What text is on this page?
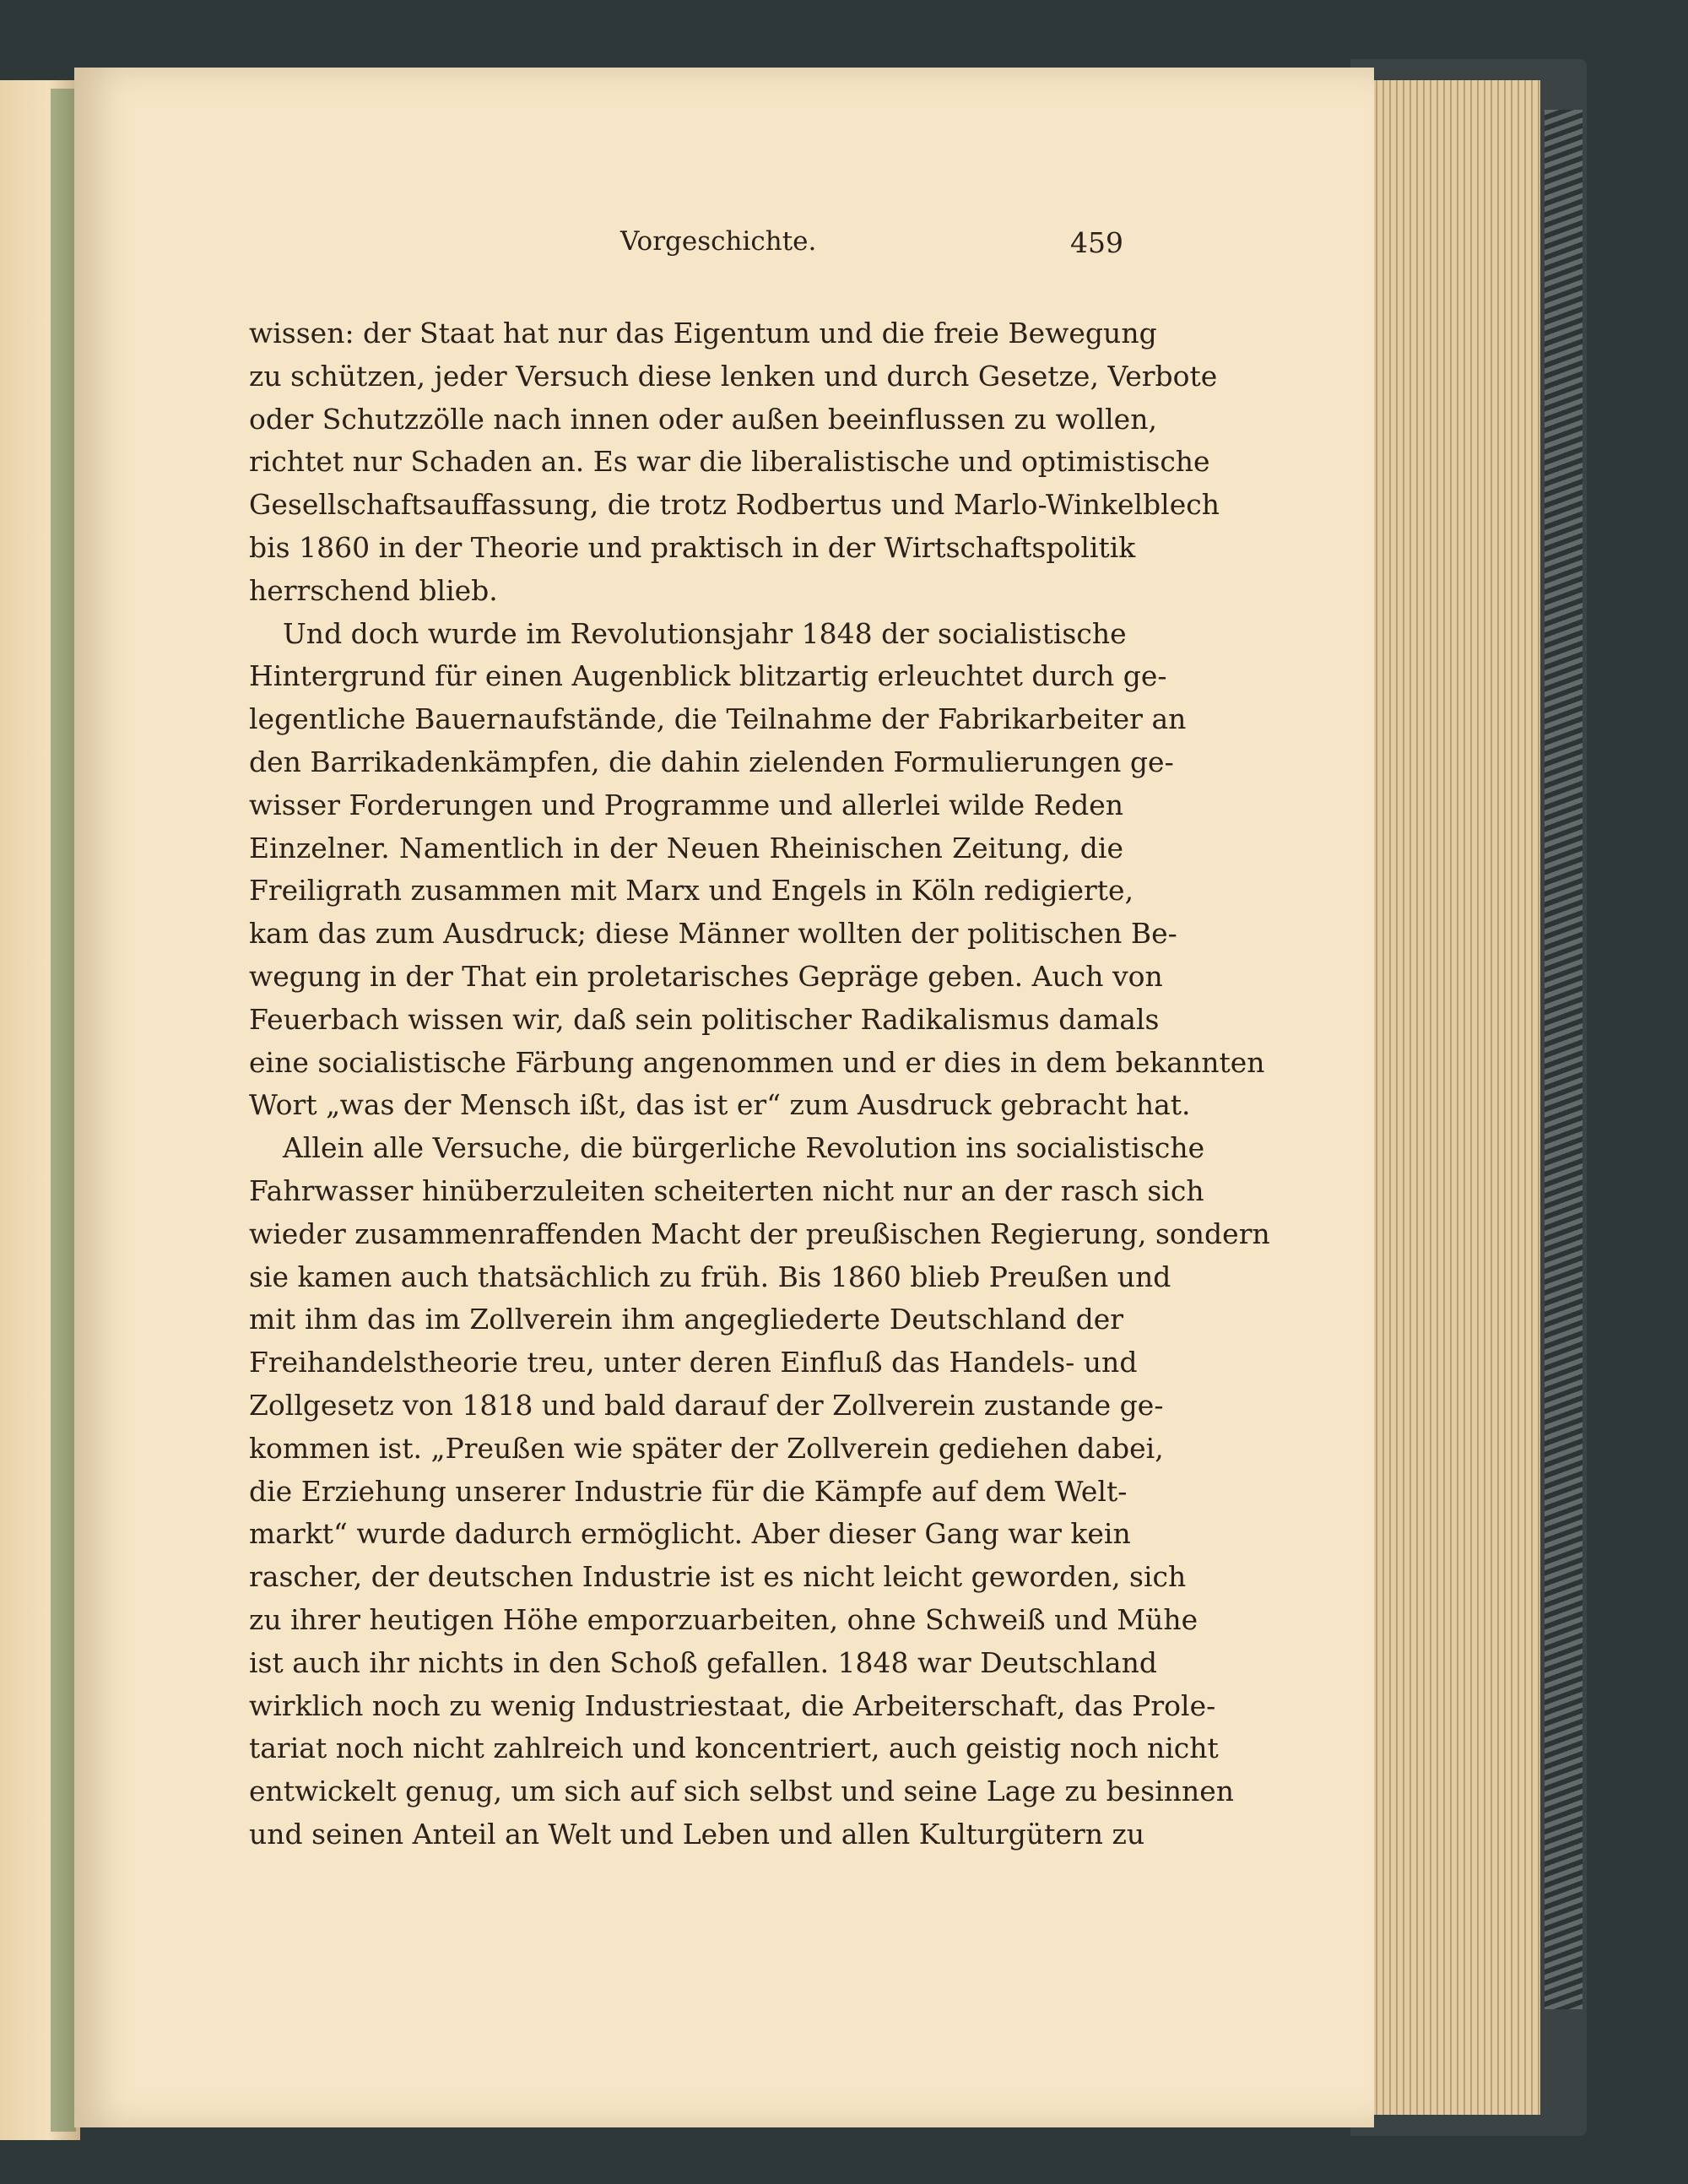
Vorgeschichte.	459
wissen: der Staat hat nur das Eigentum und die freie Bewegung
zu schützen, jeder Versuch diese lenken und durch Gesetze, Verbote
oder Schutzzölle nach innen oder außen beeinflussen zu wollen,
richtet nur Schaden an. Es war die liberalistische und optimistische
Gesellschaftsauffassung, die trotz Rodbertus und Marlo-Winkelblech
bis 1860 in der Theorie und praktisch in der Wirtschaftspolitik
herrschend blieb.
Und doch wurde im Revolutionsjahr 1848 der socialistische
Hintergrund für einen Augenblick blitzartig erleuchtet durch ge-
legentliche Bauernaufstände, die Teilnahme der Fabrikarbeiter an
den Barrikadenkämpfen, die dahin zielenden Formulierungen ge-
wisser Forderungen und Programme und allerlei wilde Reden
Einzelner. Namentlich in der Neuen Rheinischen Zeitung, die
Freiligrath zusammen mit Marx und Engels in Köln redigierte,
kam das zum Ausdruck; diese Männer wollten der politischen Be-
wegung in der That ein proletarisches Gepräge geben. Auch von
Feuerbach wissen wir, daß sein politischer Radikalismus damals
eine socialistische Färbung angenommen und er dies in dem bekannten
Wort „was der Mensch ißt, das ist er“ zum Ausdruck gebracht hat.
Allein alle Versuche, die bürgerliche Revolution ins socialistische
Fahrwasser hinüberzuleiten scheiterten nicht nur an der rasch sich
wieder zusammenraffenden Macht der preußischen Regierung, sondern
sie kamen auch thatsächlich zu früh. Bis 1860 blieb Preußen und
mit ihm das im Zollverein ihm angegliederte Deutschland der
Freihandelstheorie treu, unter deren Einfluß das Handels- und
Zollgesetz von 1818 und bald darauf der Zollverein zustande ge-
kommen ist. „Preußen wie später der Zollverein gediehen dabei,
die Erziehung unserer Industrie für die Kämpfe auf dem Welt-
markt“ wurde dadurch ermöglicht. Aber dieser Gang war kein
rascher, der deutschen Industrie ist es nicht leicht geworden, sich
zu ihrer heutigen Höhe emporzuarbeiten, ohne Schweiß und Mühe
ist auch ihr nichts in den Schoß gefallen. 1848 war Deutschland
wirklich noch zu wenig Industriestaat, die Arbeiterschaft, das Prole-
tariat noch nicht zahlreich und koncentriert, auch geistig noch nicht
entwickelt genug, um sich auf sich selbst und seine Lage zu besinnen
und seinen Anteil an Welt und Leben und allen Kulturgütern zu
